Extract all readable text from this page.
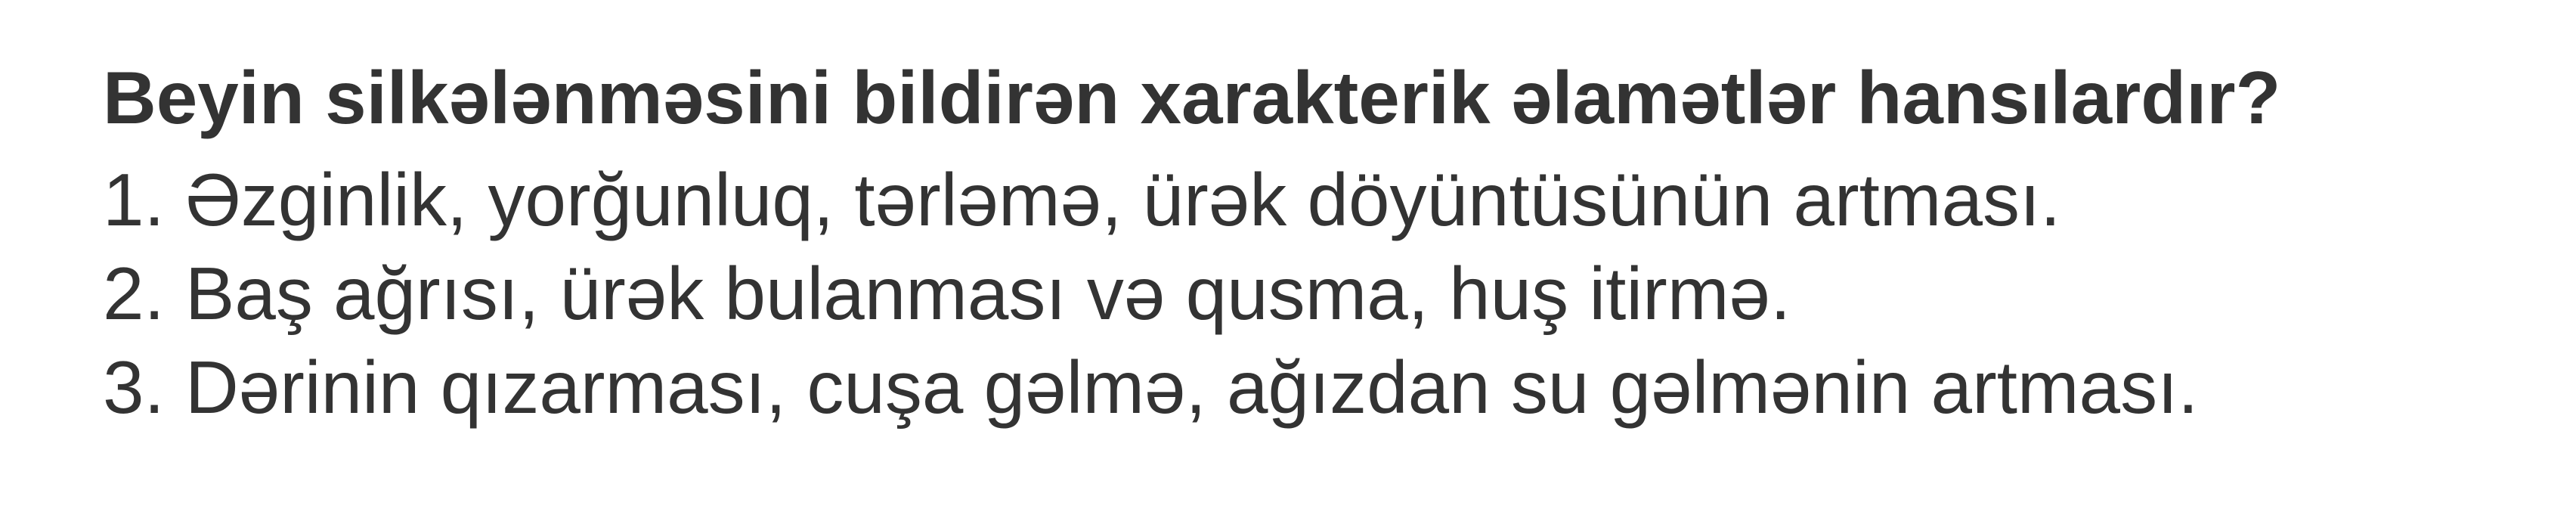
Beyin silkələnməsini bildirən xarakterik əlamətlər hansılardır?
1. Əzginlik, yorğunluq, tərləmə, ürək döyüntüsünün artması.
2. Baş ağrısı, ürək bulanması və qusma, huş itirmə.
3. Dərinin qızarması, cuşa gəlmə, ağızdan su gəlmənin artması.
